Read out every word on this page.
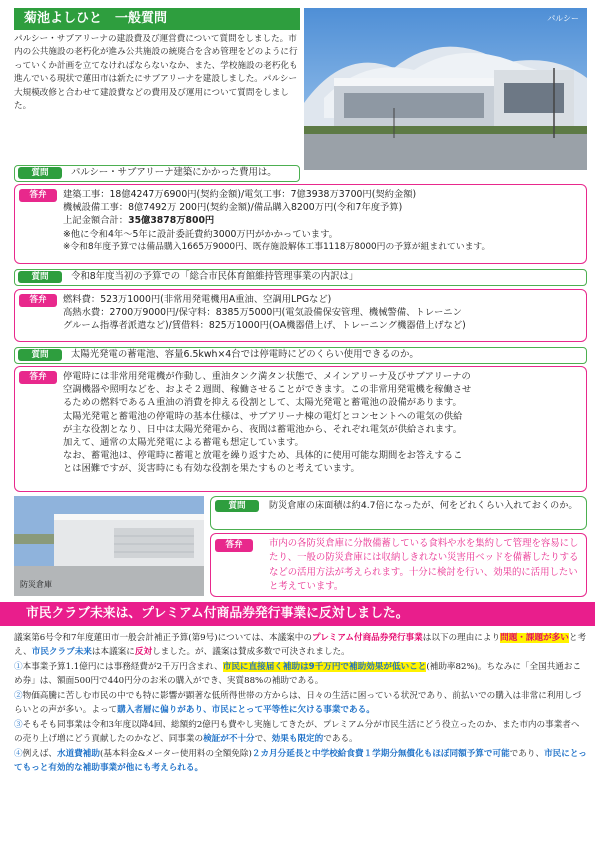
菊池よしひと　一般質問
パルシー・サブアリーナの建設費及び運営費について質問をしました。市内の公共施設の老朽化が進み公共施設の統廃合を含め管理をどのように行っていくか計画を立てなければならないなか、また、学校施設の老朽化も進んでいる現状で蓮田市は新たにサブアリーナを建設しました。パルシー大規模改修と合わせて建設費などの費用及び運用について質問をしました。
パルシー
質問	パルシー・サブアリーナ建築にかかった費用は。
答弁	建築工事：18億4247万6900円(契約金額)/電気工事：7億3938万3700円(契約金額)
機械設備工事：8億7492万 200円(契約金額)/備品購入8200万円(令和7年度予算)
上記金額合計：35億3878万800円
※他に令和4年～5年に設計委託費約3000万円がかかっています。
※令和8年度予算では備品購入1665万9000円、既存施設解体工事1118万8000円の予算が組まれています。
質問	令和8年度当初の予算での「総合市民体育館維持管理事業の内訳は」
答弁	燃料費：523万1000円(非常用発電機用A重油、空調用LPGなど)
高熱水費：2700万9000円/保守料：8385万5000円(電気設備保安管理、機械警備、トレーニン
グルーム指導者派遣など)/賃借料：825万1000円(OA機器借上げ、トレーニング機器借上げなど)
質問	太陽光発電の蓄電池、容量6.5kwh×4台では停電時にどのくらい使用できるのか。
答弁	停電時には非常用発電機が作動し、重油タンク満タン状態で、メインアリーナ及びサブアリーナの
空調機器や照明などを、およそ２週間、稼働させることができます。この非常用発電機を稼働させ
るための燃料であるＡ重油の消費を抑える役割として、太陽光発電と蓄電池の設備があります。
太陽光発電と蓄電池の停電時の基本仕様は、サブアリーナ棟の電灯とコンセントへの電気の供給
が主な役割となり、日中は太陽光発電から、夜間は蓄電池から、それぞれ電気が供給されます。
加えて、通常の太陽光発電による蓄電も想定しています。
なお、蓄電池は、停電時に蓄電と放電を繰り返すため、具体的に使用可能な期間をお答えするこ
とは困難ですが、災害時にも有効な役割を果たすものと考えています。
防災倉庫
質問	防災倉庫の床面積は約4.7倍になったが、何をどれくらい入れておくのか。
答弁	市内の各防災倉庫に分散備蓄している食料や水を集約して管理を容易にしたり、一般の防災倉庫には収納しきれない災害用ベッドを備蓄したりするなどの活用方法が考えられます。十分に検討を行い、効果的に活用したいと考えています。
市民クラブ未来は、プレミアム付商品券発行事業に反対しました。

議案第6号令和7年度蓮田市一般会計補正予算(第9号)については、本議案中のプレミアム付商品券発行事業は以下の理由により問題・課題が多いと考え、市民クラブ未来は本議案に反対しました。が、議案は賛成多数で可決されました。

①本事業予算1.1億円には事務経費が2千万円含まれ、市民に直接届く補助は9千万円で補助効果が低いこと(補助率82%)。ちなみに「全国共通おこめ券」は、額面500円で440円分のお米の購入ができ、実質88%の補助である。

②物価高騰に苦しむ市民の中でも特に影響が顕著な低所得世帯の方からは、日々の生活に困っている状況であり、前払いでの購入は非常に利用しづらいとの声が多い。よって購入者層に偏りがあり、市民にとって平等性に欠ける事業である。

③そもそも同事業は令和3年度以降4回、総額約2億円も費やし実施してきたが、プレミアム分が市民生活にどう役立ったのか、また市内の事業者への売り上げ増にどう貢献したのかなど、同事業の検証が不十分で、効果も限定的である。

④例えば、水道費補助(基本料金&メーター使用料の全額免除)２カ月分延長と中学校給食費１学期分無償化もほぼ同額予算で可能であり、市民にとってもっと有効的な補助事業が他にも考えられる。
